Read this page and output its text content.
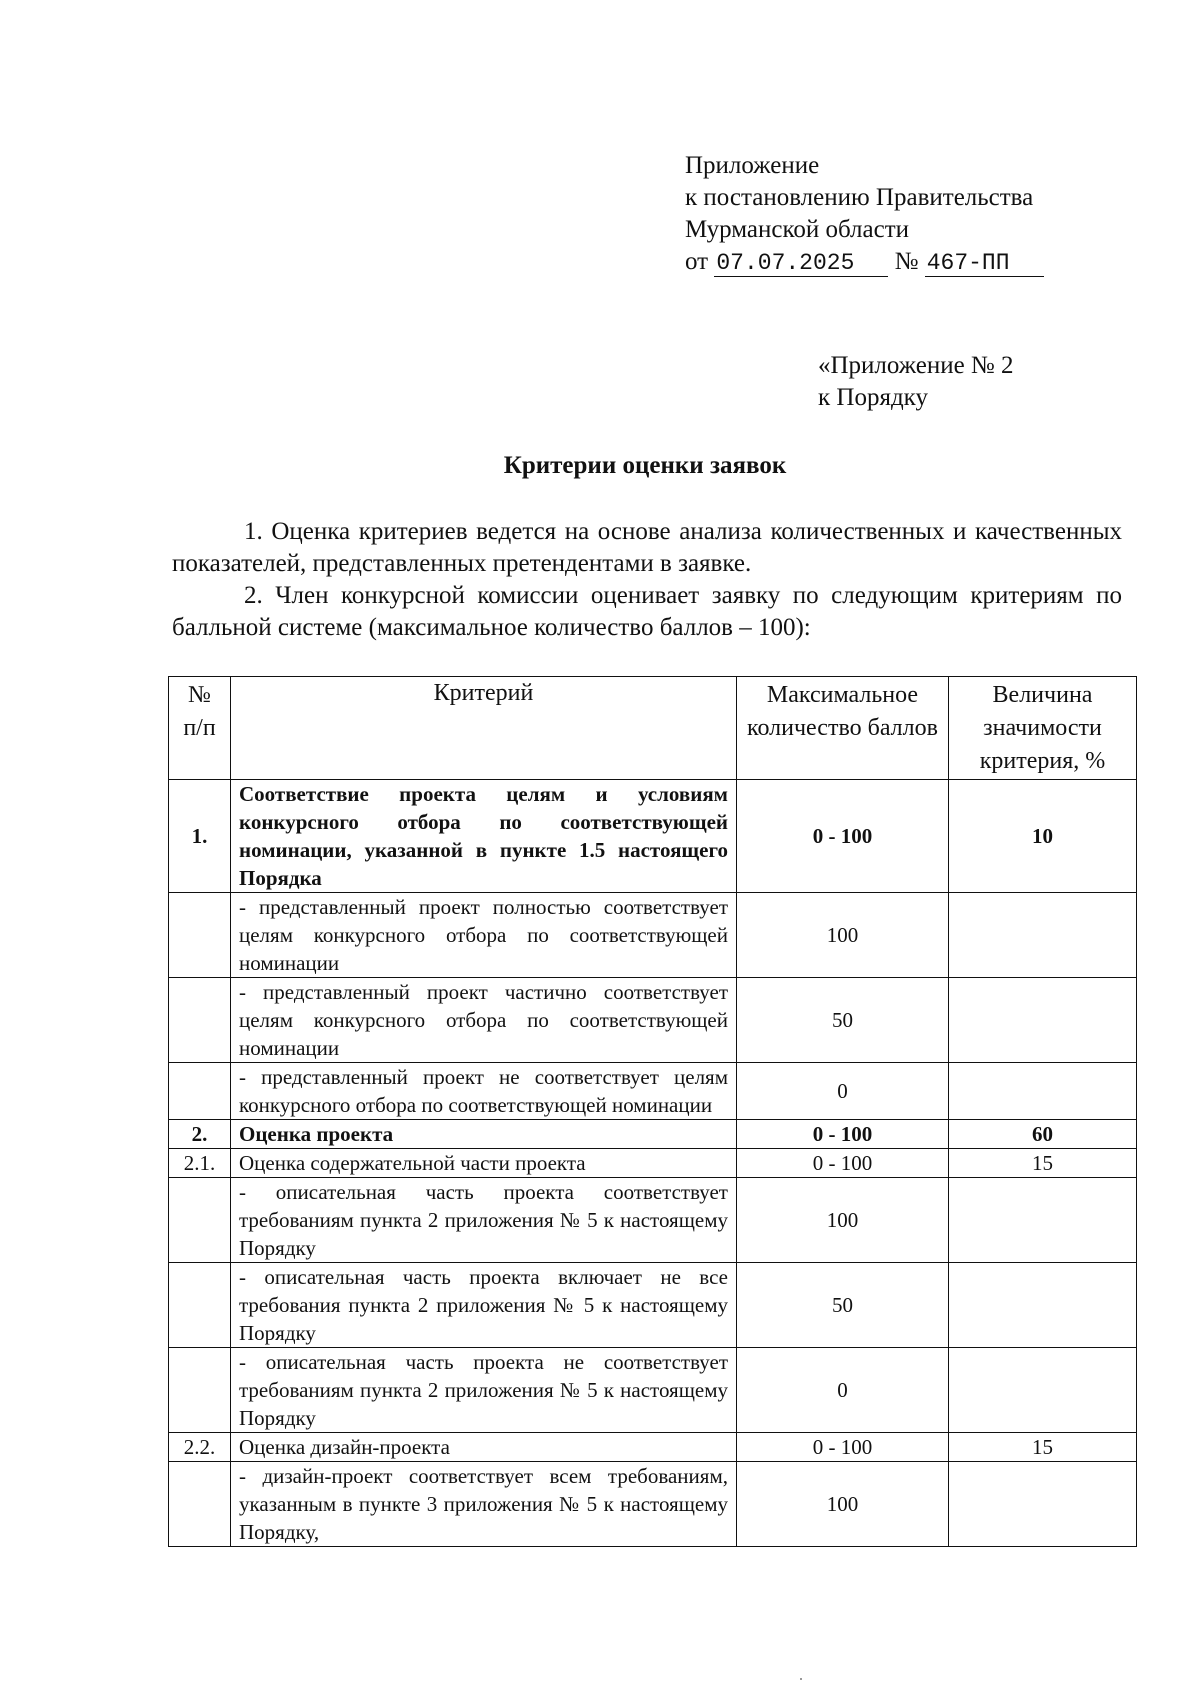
Приложение
к постановлению Правительства
Мурманской области
от 07.07.2025 № 467-ПП
«Приложение № 2
к Порядку
Критерии оценки заявок
1. Оценка критериев ведется на основе анализа количественных и качественных показателей, представленных претендентами в заявке.
2. Член конкурсной комиссии оценивает заявку по следующим критериям по балльной системе (максимальное количество баллов – 100):
№ п/п	Критерий	Максимальное количество баллов	Величина значимости критерия, %
1.	Соответствие проекта целям и условиям конкурсного отбора по соответствующей номинации, указанной в пункте 1.5 настоящего Порядка	0 - 100	10
	- представленный проект полностью соответствует целям конкурсного отбора по соответствующей номинации	100	
	- представленный проект частично соответствует целям конкурсного отбора по соответствующей номинации	50	
	- представленный проект не соответствует целям конкурсного отбора по соответствующей номинации	0	
2.	Оценка проекта	0 - 100	60
2.1.	Оценка содержательной части проекта	0 - 100	15
	- описательная часть проекта соответствует требованиям пункта 2 приложения № 5 к настоящему Порядку	100	
	- описательная часть проекта включает не все требования пункта 2 приложения № 5 к настоящему Порядку	50	
	- описательная часть проекта не соответствует требованиям пункта 2 приложения № 5 к настоящему Порядку	0	
2.2.	Оценка дизайн-проекта	0 - 100	15
	- дизайн-проект соответствует всем требованиям, указанным в пункте 3 приложения № 5 к настоящему Порядку,	100	
